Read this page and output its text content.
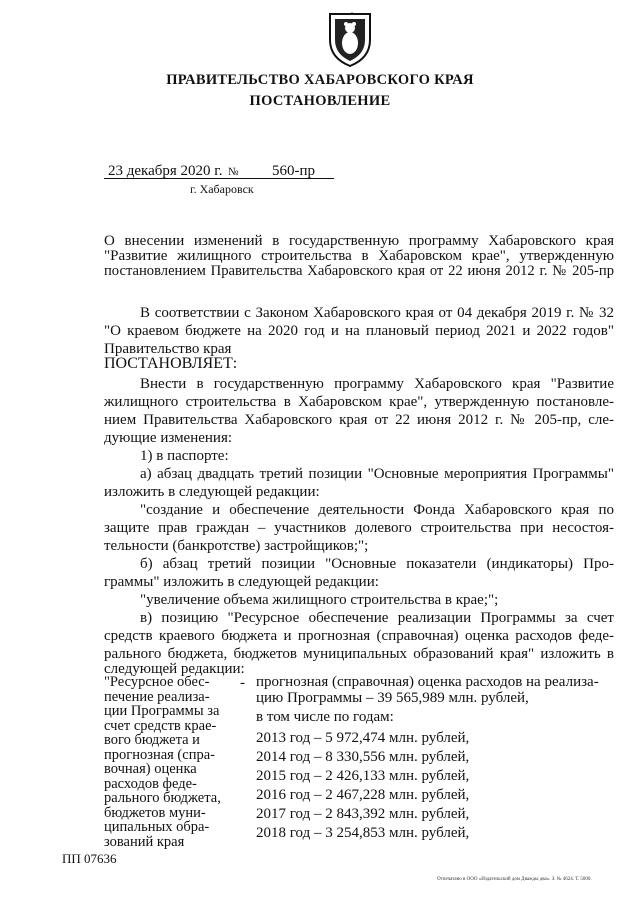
ПРАВИТЕЛЬСТВО ХАБАРОВСКОГО КРАЯ
ПОСТАНОВЛЕНИЕ
23 декабря 2020 г. № 560-пр
г. Хабаровск
О внесении изменений в государственную программу Хабаровского края
"Развитие жилищного строительства в Хабаровском крае", утвержденную
постановлением Правительства Хабаровского края от 22 июня 2012 г. № 205-пр
В соответствии с Законом Хабаровского края от 04 декабря 2019 г. № 32
"О краевом бюджете на 2020 год и на плановый период 2021 и 2022 годов"
Правительство края
ПОСТАНОВЛЯЕТ:
Внести в государственную программу Хабаровского края "Развитие
жилищного строительства в Хабаровском крае", утвержденную постановле-
нием Правительства Хабаровского края от 22 июня 2012 г. № 205-пр, сле-
дующие изменения:
1) в паспорте:
а) абзац двадцать третий позиции "Основные мероприятия Программы"
изложить в следующей редакции:
"создание и обеспечение деятельности Фонда Хабаровского края по
защите прав граждан – участников долевого строительства при несостоя-
тельности (банкротстве) застройщиков;";
б) абзац третий позиции "Основные показатели (индикаторы) Про-
граммы" изложить в следующей редакции:
"увеличение объема жилищного строительства в крае;";
в) позицию "Ресурсное обеспечение реализации Программы за счет
средств краевого бюджета и прогнозная (справочная) оценка расходов феде-
рального бюджета, бюджетов муниципальных образований края" изложить в
следующей редакции:
"Ресурсное обес-
печение реализа-
ции Программы за
счет средств крае-
вого бюджета и
прогнозная (спра-
вочная) оценка
расходов феде-
рального бюджета,
бюджетов муни-
ципальных обра-
зований края
- прогнозная (справочная) оценка расходов на реализа-
цию Программы – 39 565,989 млн. рублей,
в том числе по годам:
2013 год – 5 972,474 млн. рублей,
2014 год – 8 330,556 млн. рублей,
2015 год – 2 426,133 млн. рублей,
2016 год – 2 467,228 млн. рублей,
2017 год – 2 843,392 млн. рублей,
2018 год – 3 254,853 млн. рублей,
ПП 07636
Отпечатано в ООО «Издательский дом Дважды два». З. № 4624. Т. 5000.
